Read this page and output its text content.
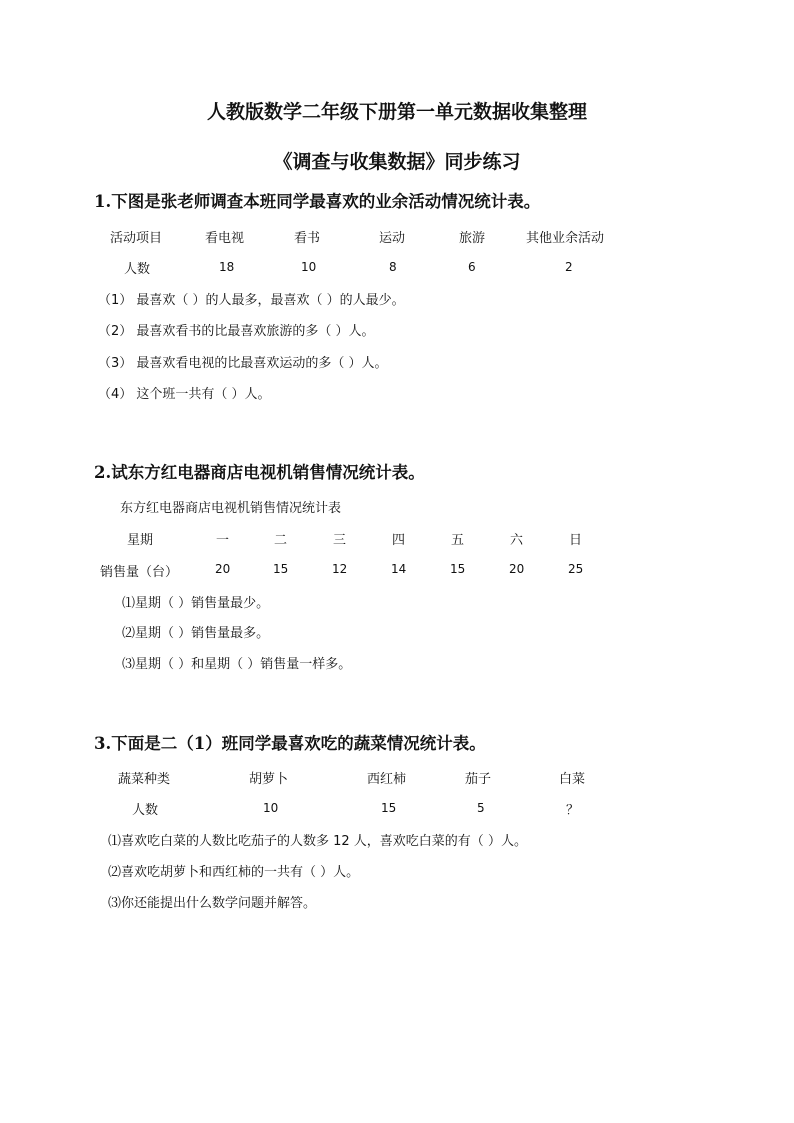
人教版数学二年级下册第一单元数据收集整理
《调查与收集数据》同步练习
1.下图是张老师调查本班同学最喜欢的业余活动情况统计表。
活动项目	看电视	看书	运动	旅游	其他业余活动
人数	18	10	8	6	2
（1） 最喜欢（ ）的人最多，最喜欢（ ）的人最少。
（2） 最喜欢看书的比最喜欢旅游的多（ ）人。
（3） 最喜欢看电视的比最喜欢运动的多（ ）人。
（4） 这个班一共有（ ）人。
2.试东方红电器商店电视机销售情况统计表。
东方红电器商店电视机销售情况统计表
星期	一	二	三	四	五	六	日
销售量（台）	20	15	12	14	15	20	25
⑴星期（ ）销售量最少。
⑵星期（ ）销售量最多。
⑶星期（ ）和星期（ ）销售量一样多。
3.下面是二（1）班同学最喜欢吃的蔬菜情况统计表。
蔬菜种类	胡萝卜	西红柿	茄子	白菜
人数	10	15	5	？
⑴喜欢吃白菜的人数比吃茄子的人数多 12 人，喜欢吃白菜的有（ ）人。
⑵喜欢吃胡萝卜和西红柿的一共有（ ）人。
⑶你还能提出什么数学问题并解答。
